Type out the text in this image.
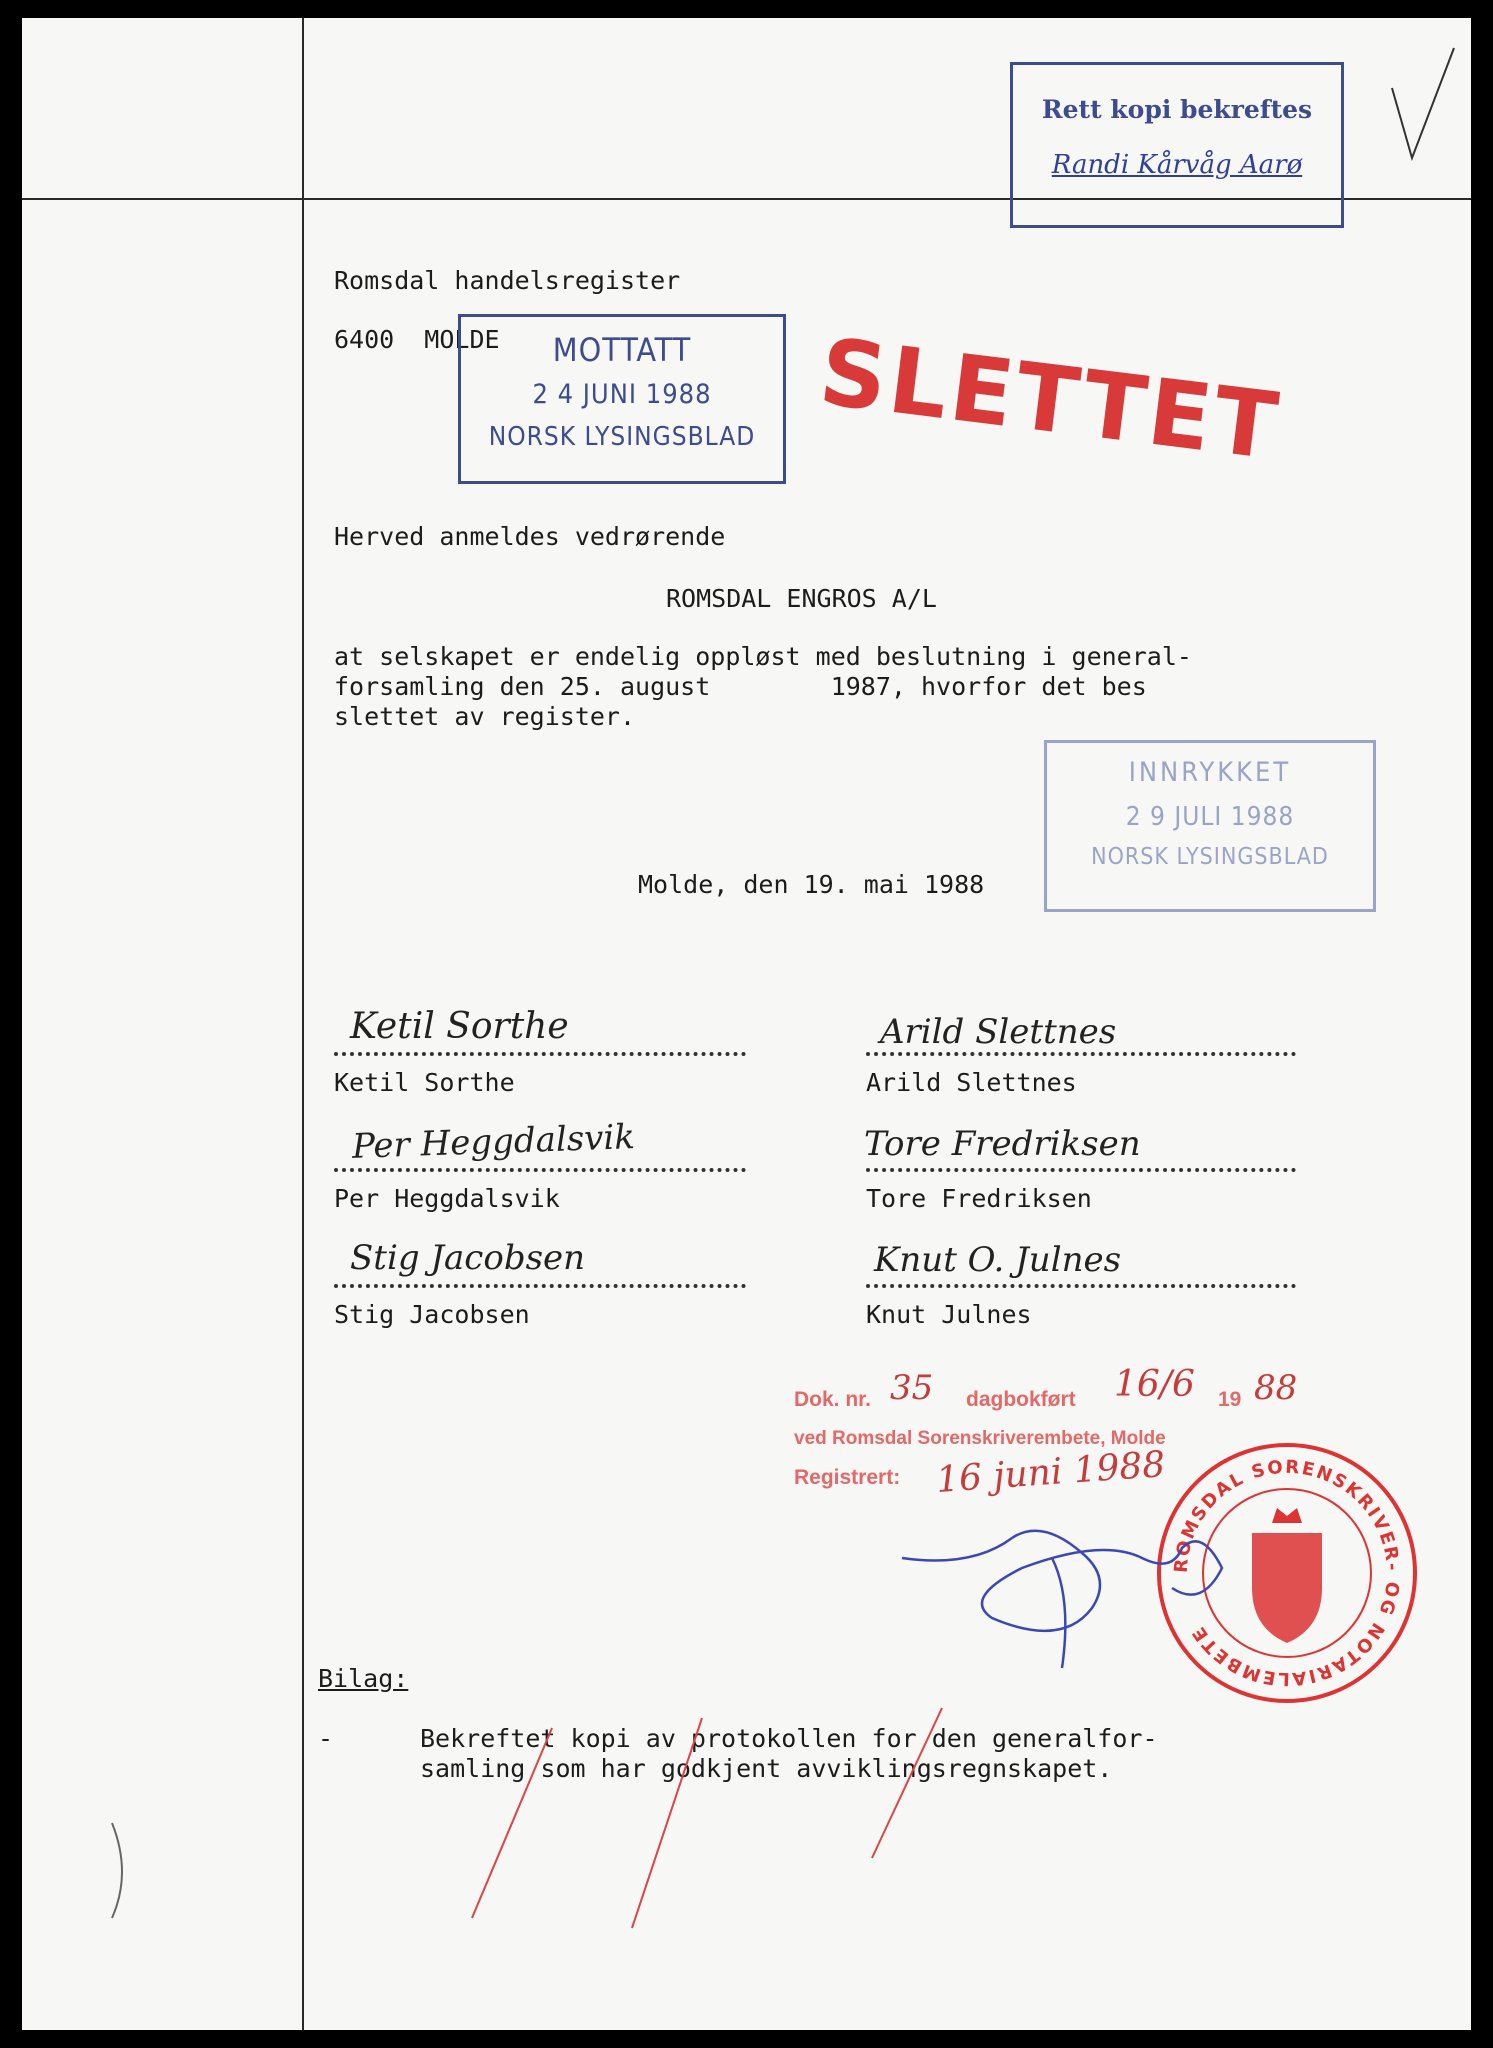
Rett kopi bekreftes
Randi Kårvåg Aarø
Romsdal handelsregister
6400  MOLDE	MOTTATT
2 4 JUNI 1988
NORSK LYSINGSBLAD SLETTET
Herved anmeldes vedrørende
ROMSDAL ENGROS A/L
at selskapet er endelig oppløst med beslutning i general-
forsamling den 25. august        1987, hvorfor det bes
slettet av register.
INNRYKKET
2 9 JULI 1988
NORSK LYSINGSBLAD
Molde, den 19. mai 1988
Ketil Sorthe
Ketil Sorthe
Arild Slettnes
Arild Slettnes
Per Heggdalsvik
Per Heggdalsvik
Tore Fredriksen
Tore Fredriksen
Stig Jacobsen
Stig Jacobsen
Knut O. Julnes
Knut Julnes
Dok. nr. 35 dagbokført 16/6 19 88
ved Romsdal Sorenskriverembete, Molde
Registrert: 16 juni 1988
ROMSDAL SORENSKRIVER- OG NOTARIALEMBETE
Bilag:
-	Bekreftet kopi av protokollen for den generalfor-
samling som har godkjent avviklingsregnskapet.
